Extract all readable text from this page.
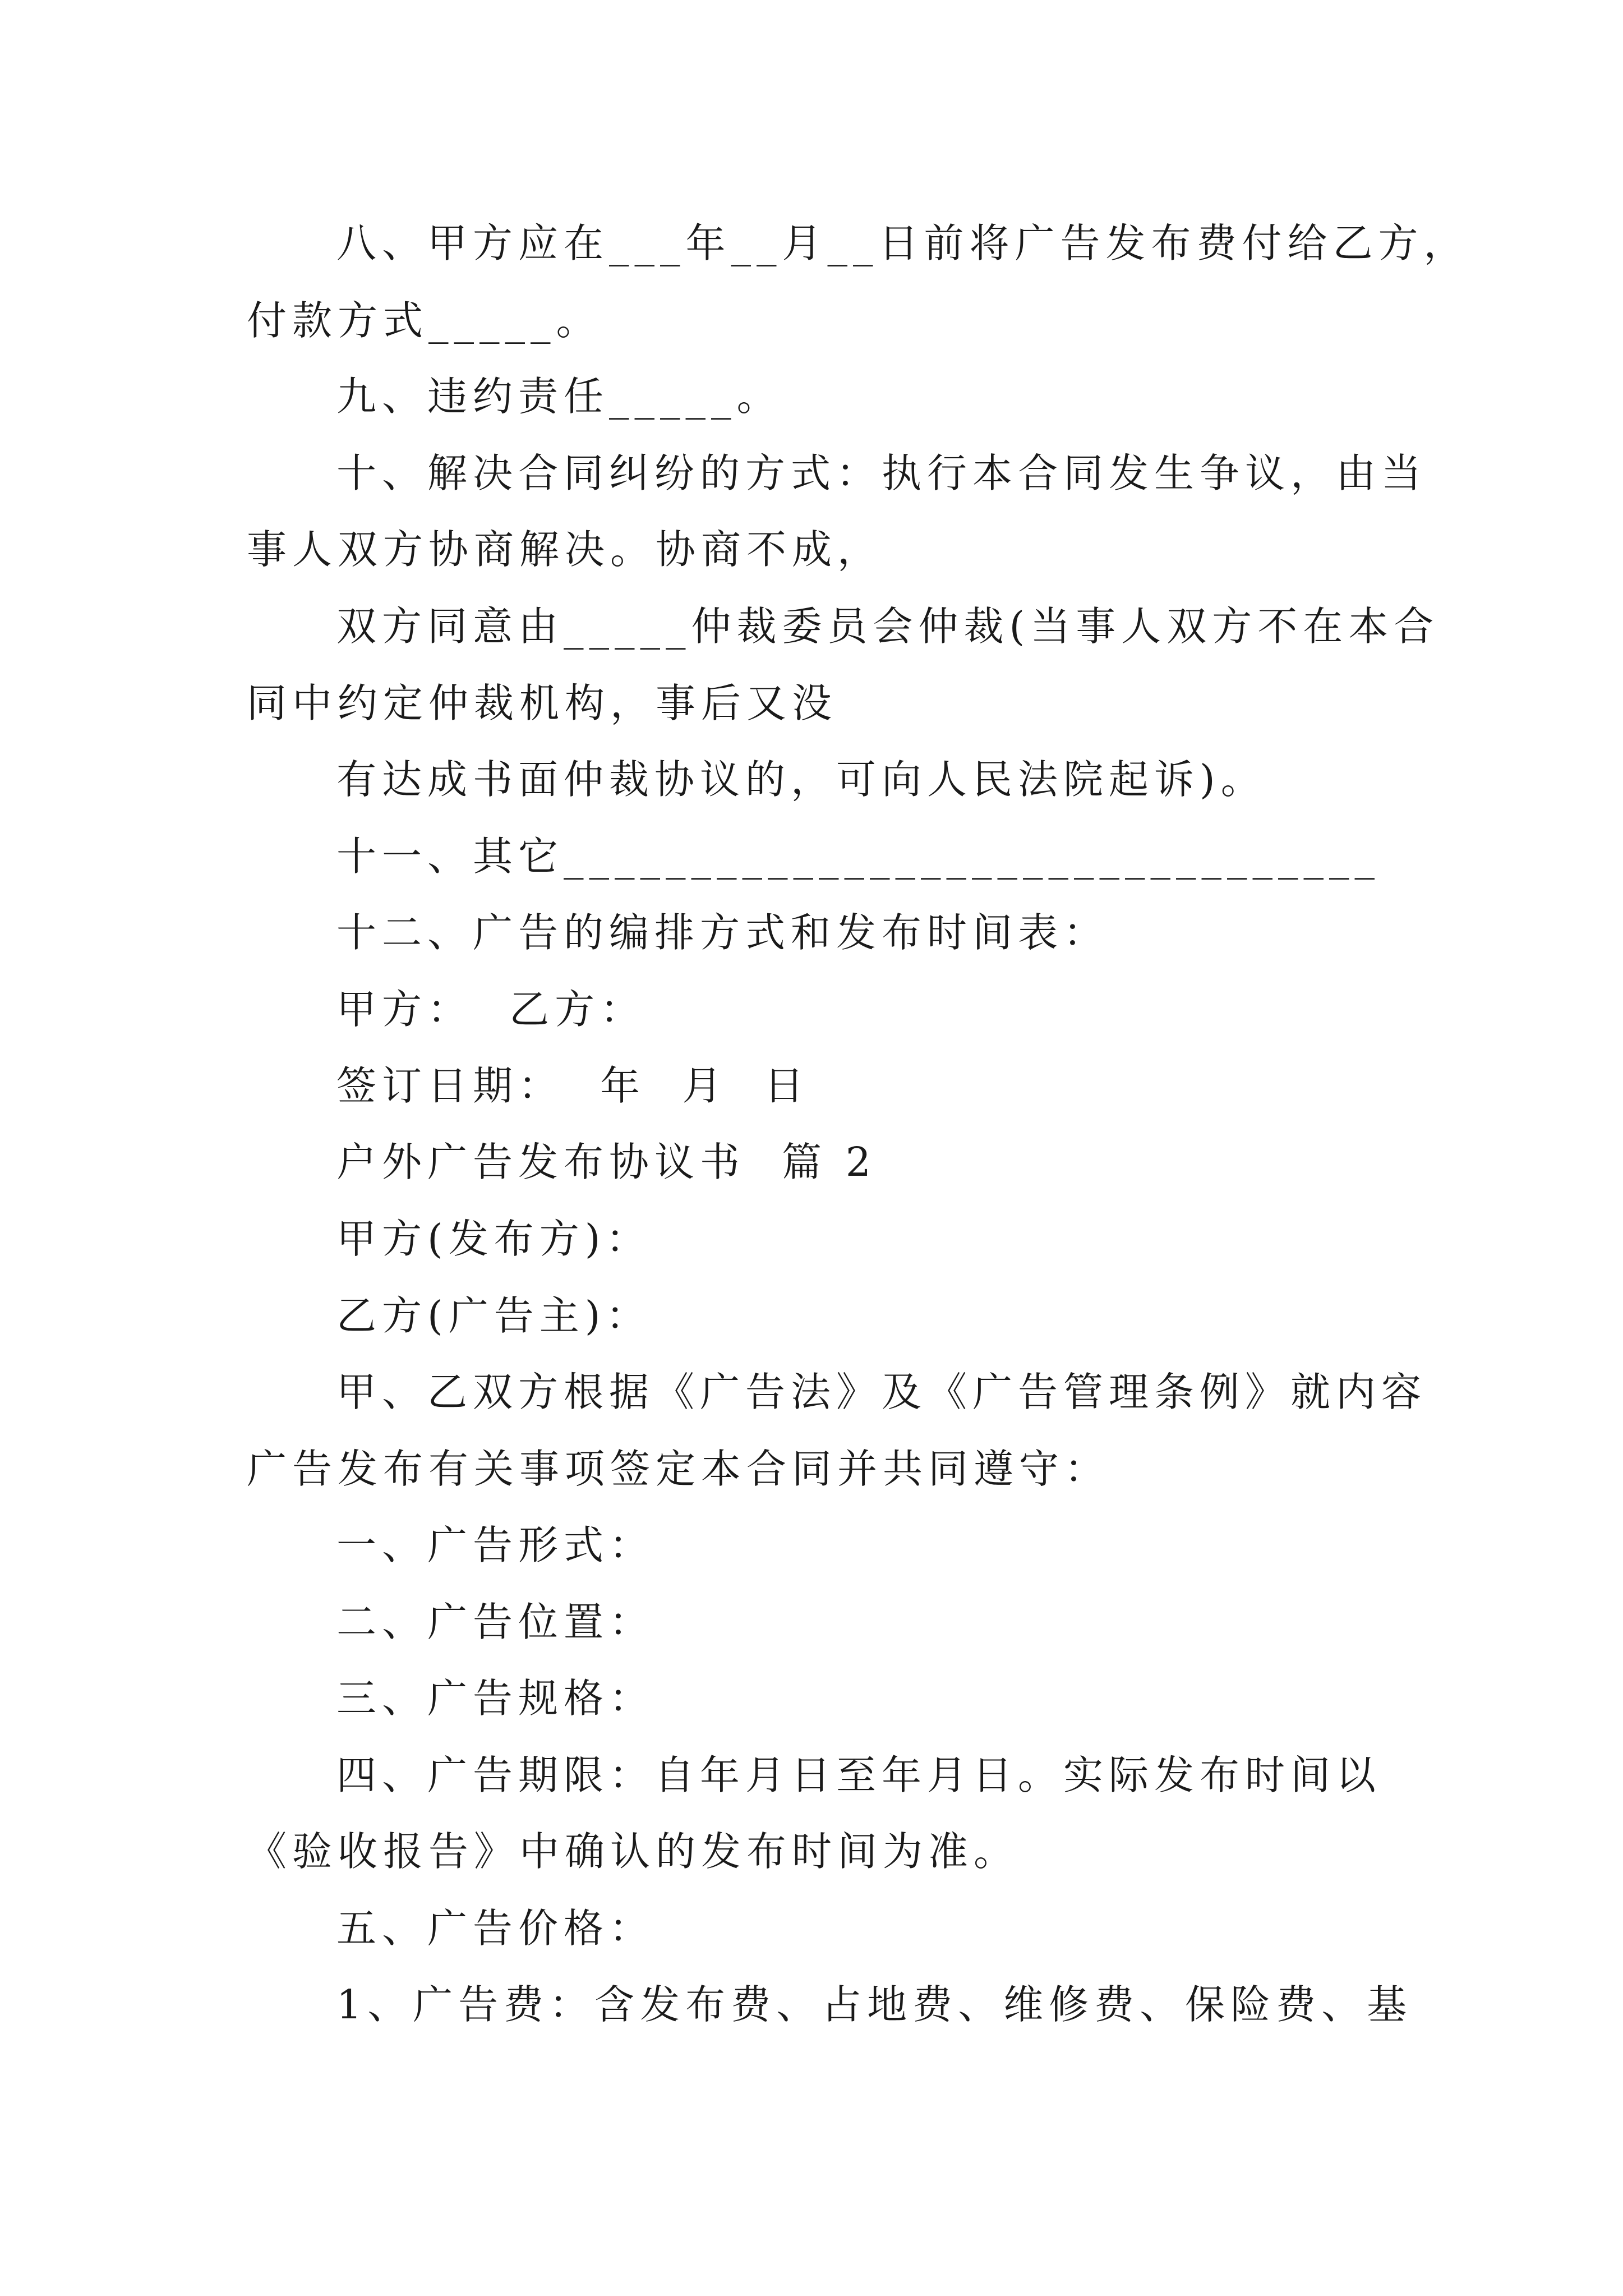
八、甲方应在___年__月__日前将广告发布费付给乙方，
付款方式_____。
九、违约责任_____。
十、解决合同纠纷的方式：执行本合同发生争议，由当
事人双方协商解决。协商不成，
双方同意由_____仲裁委员会仲裁(当事人双方不在本合
同中约定仲裁机构，事后又没
有达成书面仲裁协议的，可向人民法院起诉)。
十一、其它________________________________
十二、广告的编排方式和发布时间表：
甲方：  乙方：
签订日期：  年  月  日
户外广告发布协议书  篇 2
甲方(发布方)：
乙方(广告主)：
甲、乙双方根据《广告法》及《广告管理条例》就内容
广告发布有关事项签定本合同并共同遵守：
一、广告形式：
二、广告位置：
三、广告规格：
四、广告期限：自年月日至年月日。实际发布时间以
《验收报告》中确认的发布时间为准。
五、广告价格：
1、广告费：含发布费、占地费、维修费、保险费、基
